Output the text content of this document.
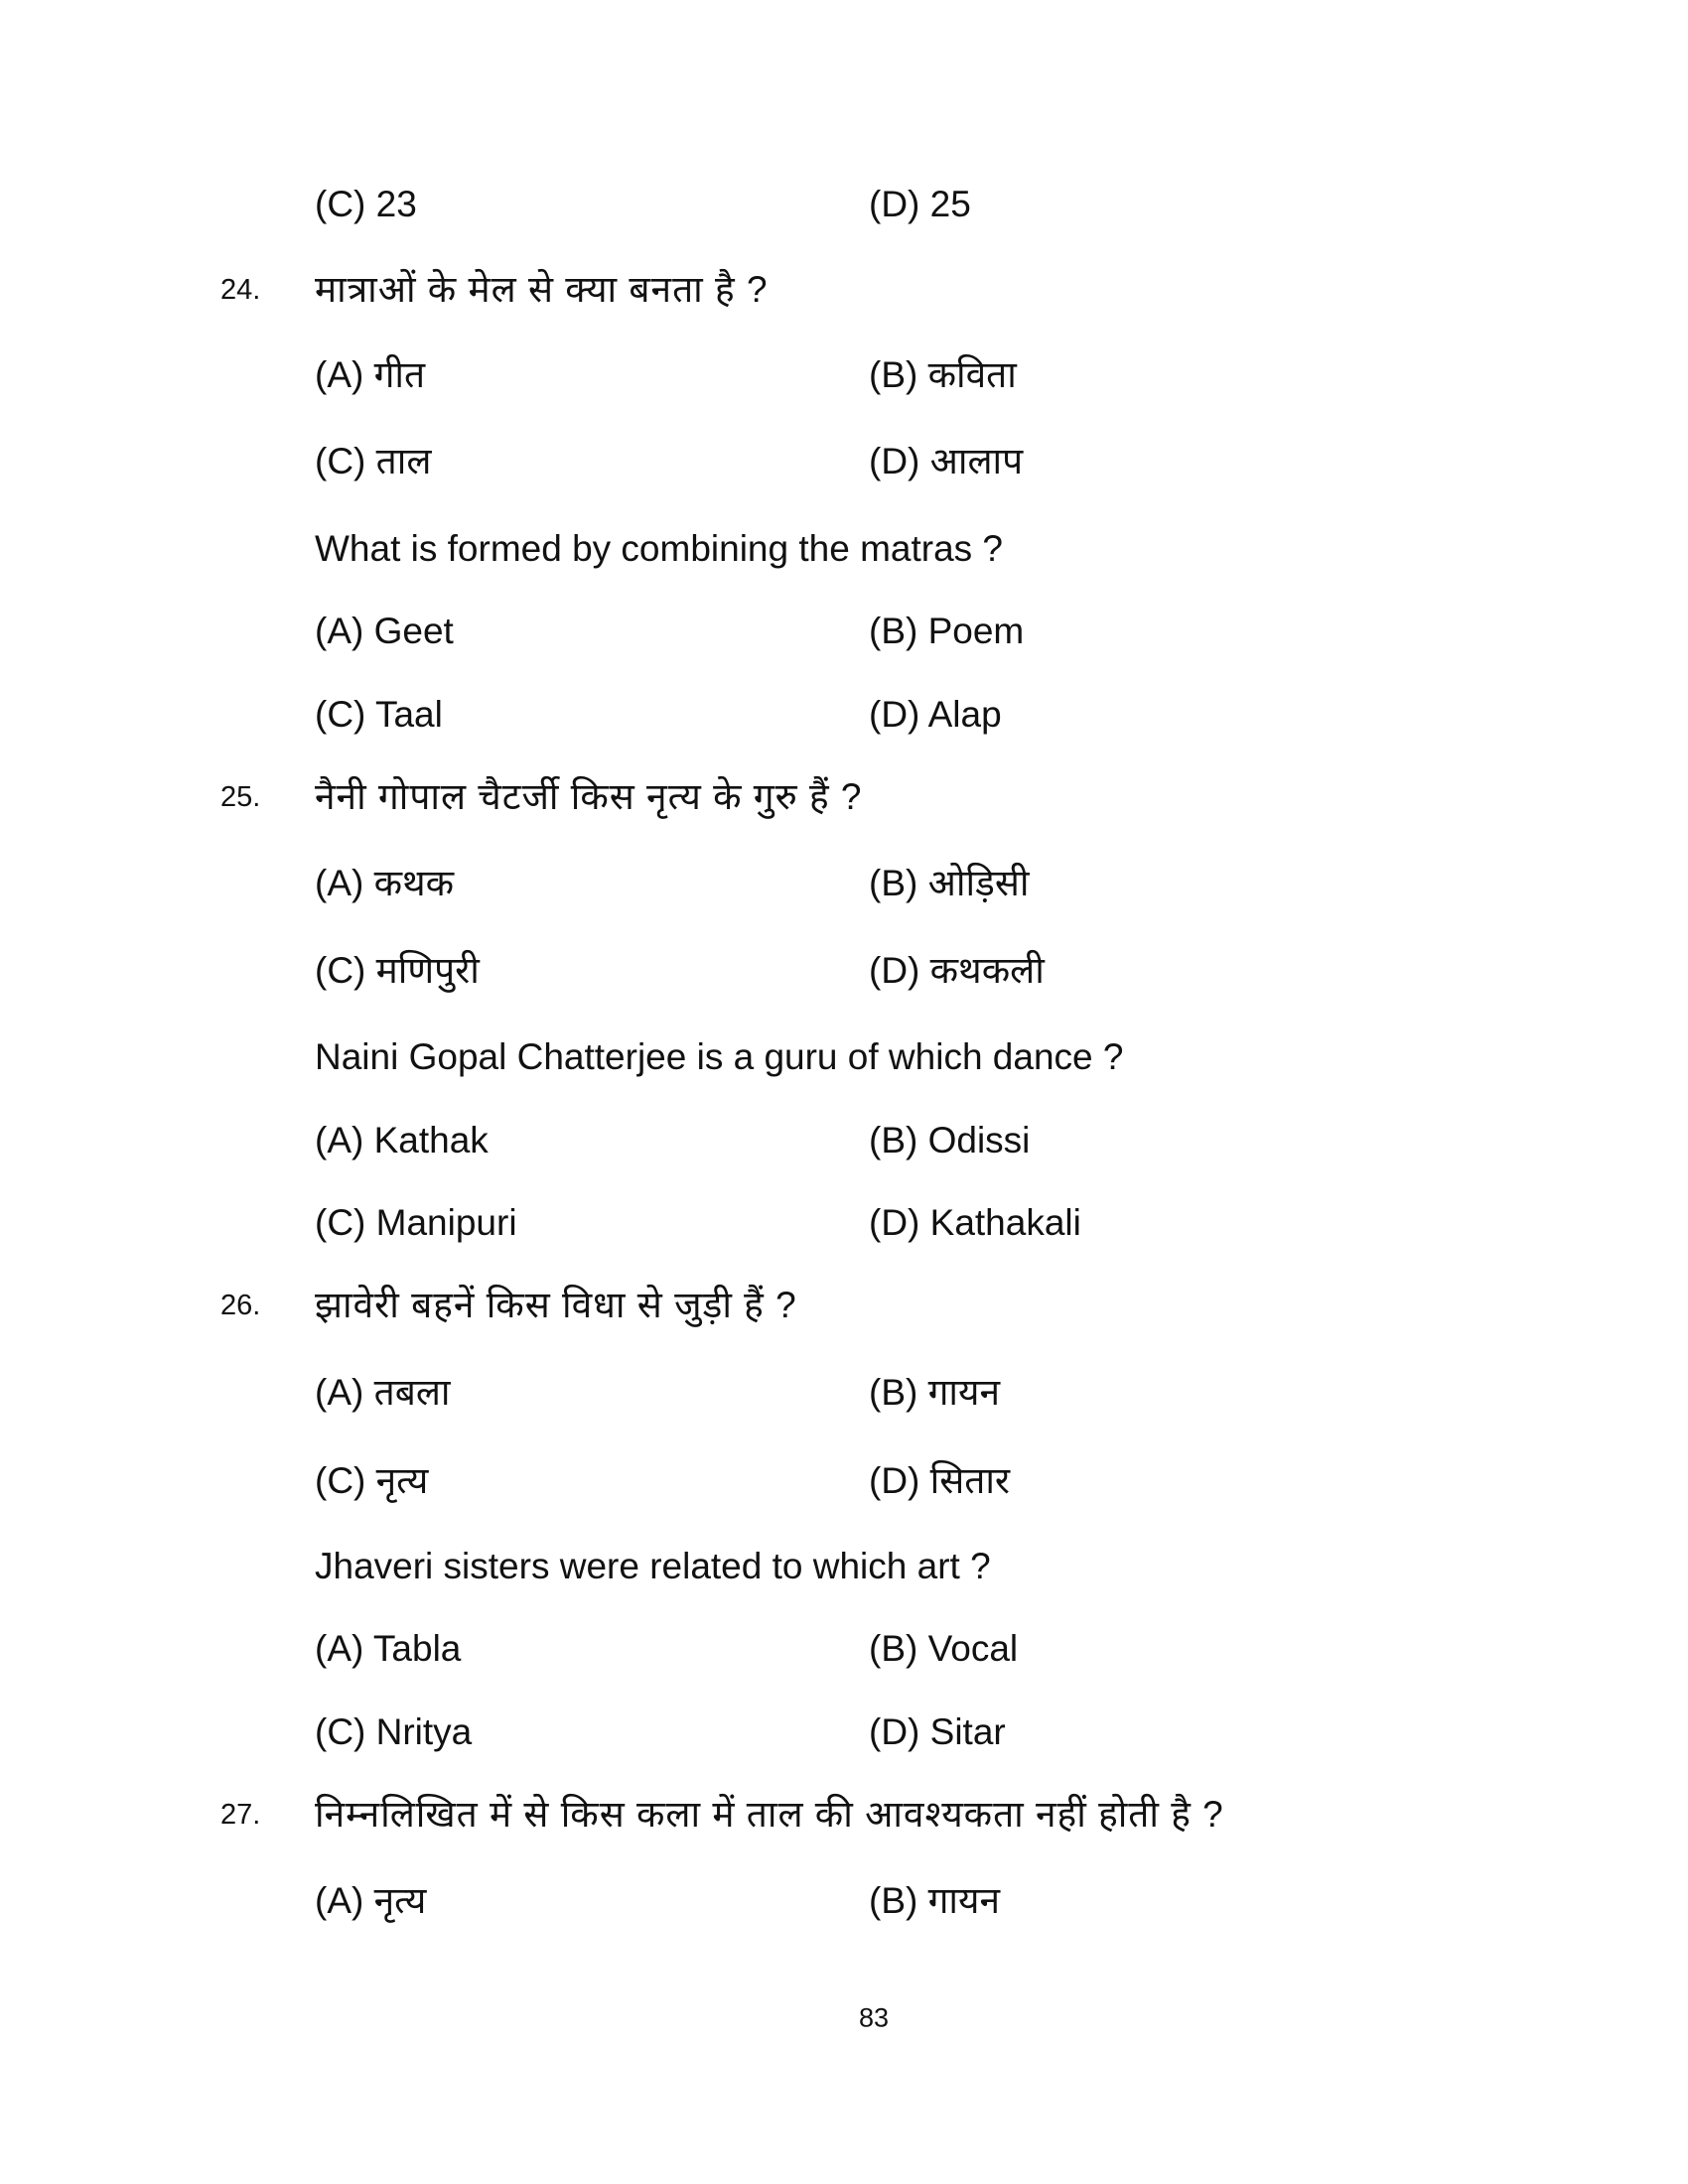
(C) 23	(D) 25
24. मात्राओं के मेल से क्या बनता है ?
(A) गीत	(B) कविता
(C) ताल	(D) आलाप
What is formed by combining the matras ?
(A) Geet	(B) Poem
(C) Taal	(D) Alap
25. नैनी गोपाल चैटर्जी किस नृत्य के गुरु हैं ?
(A) कथक	(B) ओड़िसी
(C) मणिपुरी	(D) कथकली
Naini Gopal Chatterjee is a guru of which dance ?
(A) Kathak	(B) Odissi
(C) Manipuri	(D) Kathakali
26. झावेरी बहनें किस विधा से जुड़ी हैं ?
(A) तबला	(B) गायन
(C) नृत्य	(D) सितार
Jhaveri sisters were related to which art ?
(A) Tabla	(B) Vocal
(C) Nritya	(D) Sitar
27. निम्नलिखित में से किस कला में ताल की आवश्यकता नहीं होती है ?
(A) नृत्य	(B) गायन
83
